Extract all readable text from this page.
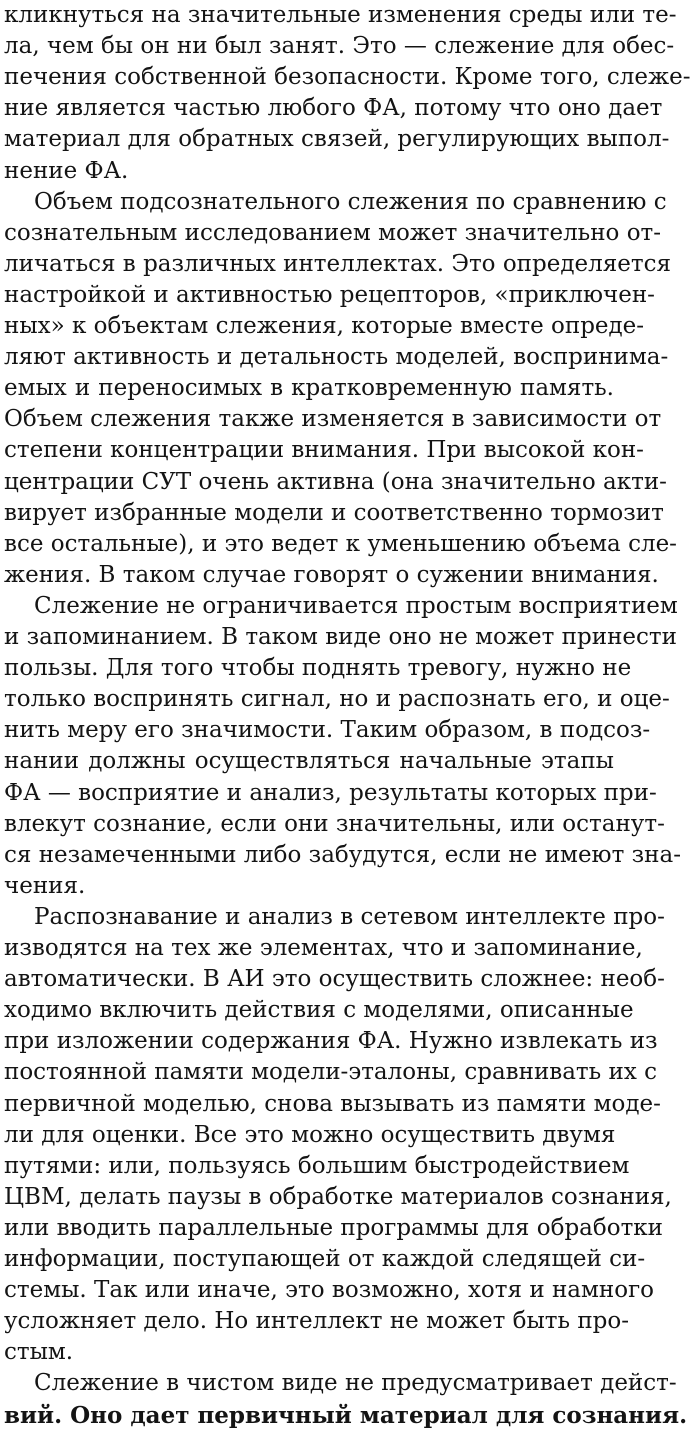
кликнуться на значительные изменения среды или те-
ла, чем бы он ни был занят. Это — слежение для обес-
печения собственной безопасности. Кроме того, слеже-
ние является частью любого ФА, потому что оно дает
материал для обратных связей, регулирующих выпол-
нение ФА.
Объем подсознательного слежения по сравнению с
сознательным исследованием может значительно от-
личаться в различных интеллектах. Это определяется
настройкой и активностью рецепторов, «приключен-
ных» к объектам слежения, которые вместе опреде-
ляют активность и детальность моделей, воспринима-
емых и переносимых в кратковременную память.
Объем слежения также изменяется в зависимости от
степени концентрации внимания. При высокой кон-
центрации СУТ очень активна (она значительно акти-
вирует избранные модели и соответственно тормозит
все остальные), и это ведет к уменьшению объема сле-
жения. В таком случае говорят о сужении внимания.
Слежение не ограничивается простым восприятием
и запоминанием. В таком виде оно не может принести
пользы. Для того чтобы поднять тревогу, нужно не
только воспринять сигнал, но и распознать его, и оце-
нить меру его значимости. Таким образом, в подсоз-
нании должны осуществляться начальные этапы
ФА — восприятие и анализ, результаты которых при-
влекут сознание, если они значительны, или останут-
ся незамеченными либо забудутся, если не имеют зна-
чения.
Распознавание и анализ в сетевом интеллекте про-
изводятся на тех же элементах, что и запоминание,
автоматически. В АИ это осуществить сложнее: необ-
ходимо включить действия с моделями, описанные
при изложении содержания ФА. Нужно извлекать из
постоянной памяти модели-эталоны, сравнивать их с
первичной моделью, снова вызывать из памяти моде-
ли для оценки. Все это можно осуществить двумя
путями: или, пользуясь большим быстродействием
ЦВМ, делать паузы в обработке материалов сознания,
или вводить параллельные программы для обработки
информации, поступающей от каждой следящей си-
стемы. Так или иначе, это возможно, хотя и намного
усложняет дело. Но интеллект не может быть про-
стым.
Слежение в чистом виде не предусматривает дейст-
вий. Оно дает первичный материал для сознания.
